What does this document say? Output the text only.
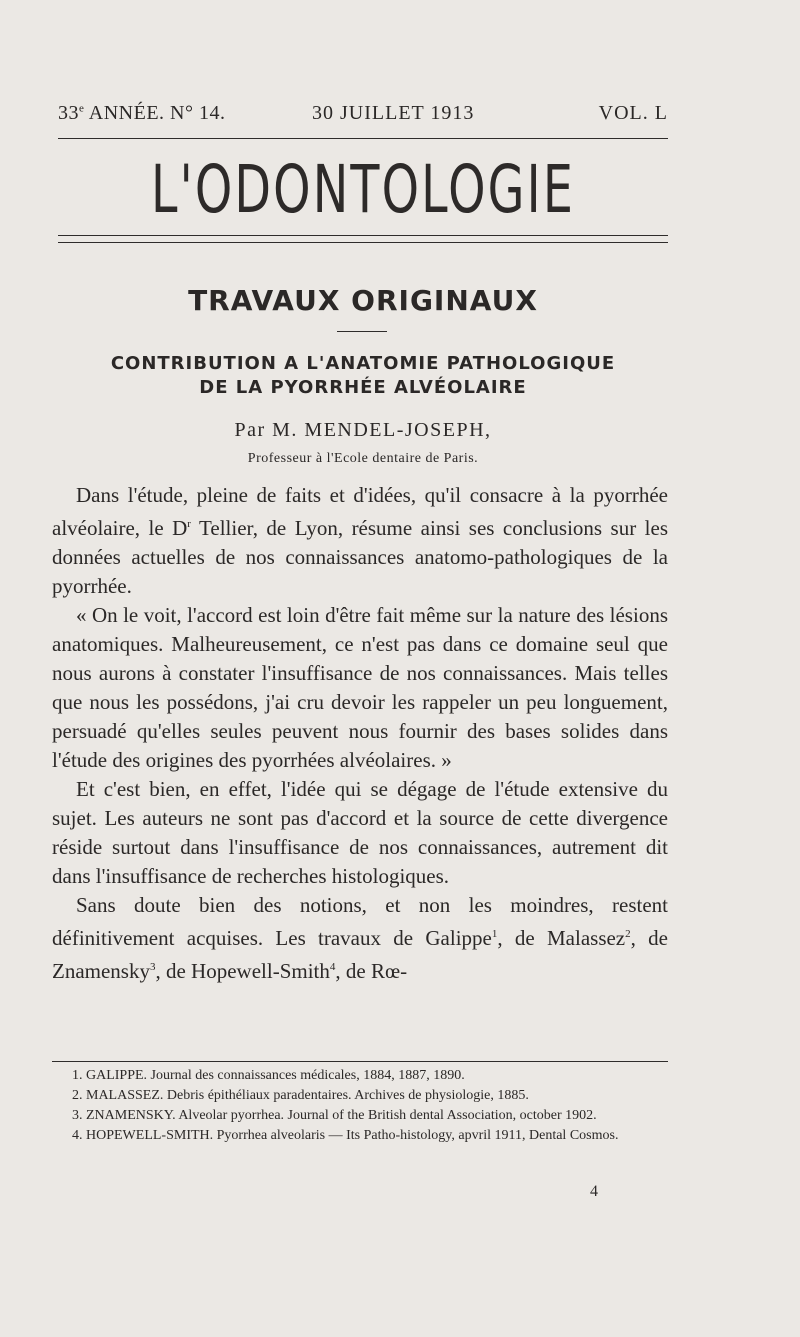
33e ANNÉE. N° 14.	30 JUILLET 1913	VOL. L
L'ODONTOLOGIE
TRAVAUX ORIGINAUX
CONTRIBUTION A L'ANATOMIE PATHOLOGIQUE
DE LA PYORRHÉE ALVÉOLAIRE
Par M. MENDEL-JOSEPH,
Professeur à l'Ecole dentaire de Paris.

Dans l'étude, pleine de faits et d'idées, qu'il consacre à la pyorrhée alvéolaire, le $D^r$ Tellier, de Lyon, résume ainsi ses conclusions sur les données actuelles de nos connaissances anatomo-pathologiques de la pyorrhée.

« On le voit, l'accord est loin d'être fait même sur la nature des lésions anatomiques. Malheureusement, ce n'est pas dans ce domaine seul que nous aurons à constater l'insuffisance de nos connaissances. Mais telles que nous les possédons, j'ai cru devoir les rappeler un peu longuement, persuadé qu'elles seules peuvent nous fournir des bases solides dans l'étude des origines des pyorrhées alvéolaires. »

Et c'est bien, en effet, l'idée qui se dégage de l'étude extensive du sujet. Les auteurs ne sont pas d'accord et la source de cette divergence réside surtout dans l'insuffisance de nos connaissances, autrement dit dans l'insuffisance de recherches histologiques.

Sans doute bien des notions, et non les moindres, restent définitivement acquises. Les travaux de Galippe$^1$, de Malassez$^2$, de Znamensky$^3$, de Hopewell-Smith$^4$, de Rœ-

1. GALIPPE. Journal des connaissances médicales, 1884, 1887, 1890.

2. MALASSEZ. Debris épithéliaux paradentaires. Archives de physiologie, 1885.

3. ZNAMENSKY. Alveolar pyorrhea. Journal of the British dental Association, october 1902.

4. HOPEWELL-SMITH. Pyorrhea alveolaris — Its Patho-histology, apvril 1911, Dental Cosmos.

4
